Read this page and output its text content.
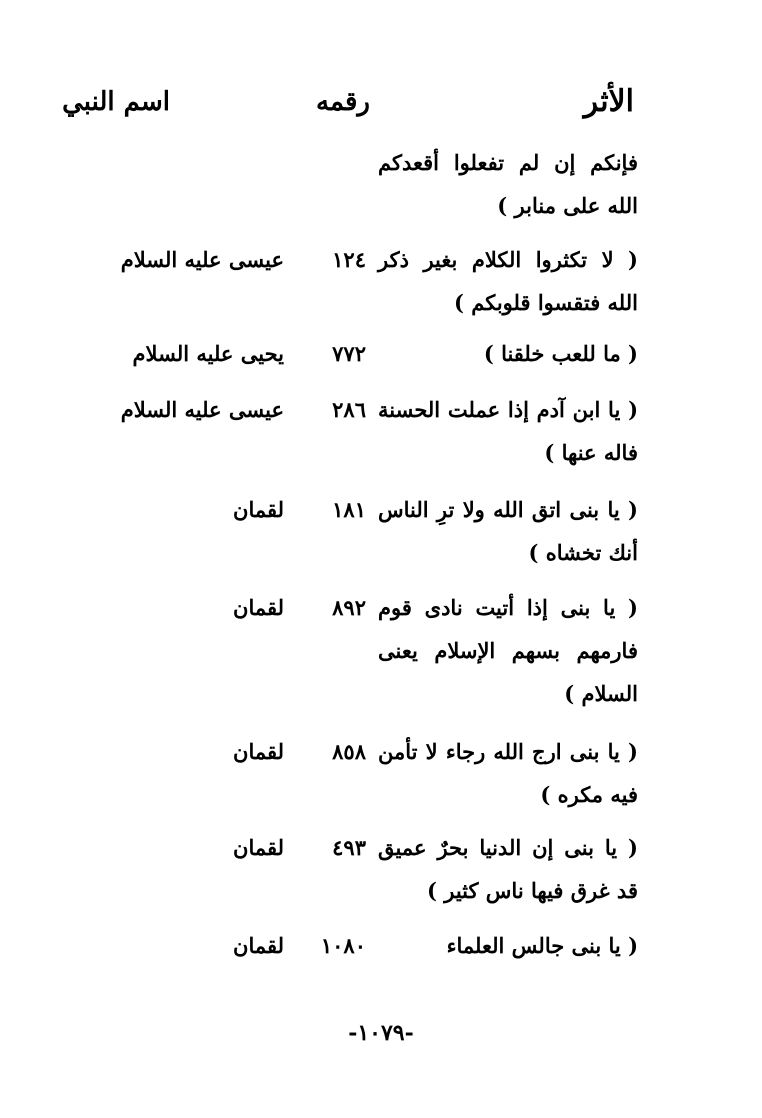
الأثر
رقمه
اسم النبي
فإنكم إن لم تفعلوا أقعدكم الله على منابر )
( لا تكثروا الكلام بغير ذكر الله فتقسوا قلوبكم )
١٢٤
عيسى عليه السلام
( ما للعب خلقنا )
٧٧٢
يحيى عليه السلام
( يا ابن آدم إذا عملت الحسنة فاله عنها )
٢٨٦
عيسى عليه السلام
( يا بنى اتق الله ولا ترِ الناس أنك تخشاه )
١٨١
لقمان
( يا بنى إذا أتيت نادى قوم فارمهم بسهم الإسلام يعنى السلام )
٨٩٢
لقمان
( يا بنى ارج الله رجاء لا تأمن فيه مكره )
٨٥٨
لقمان
( يا بنى إن الدنيا بحرٌ عميق قد غرق فيها ناس كثير )
٤٩٣
لقمان
( يا بنى جالس العلماء
١٠٨٠
لقمان
-١٠٧٩-
